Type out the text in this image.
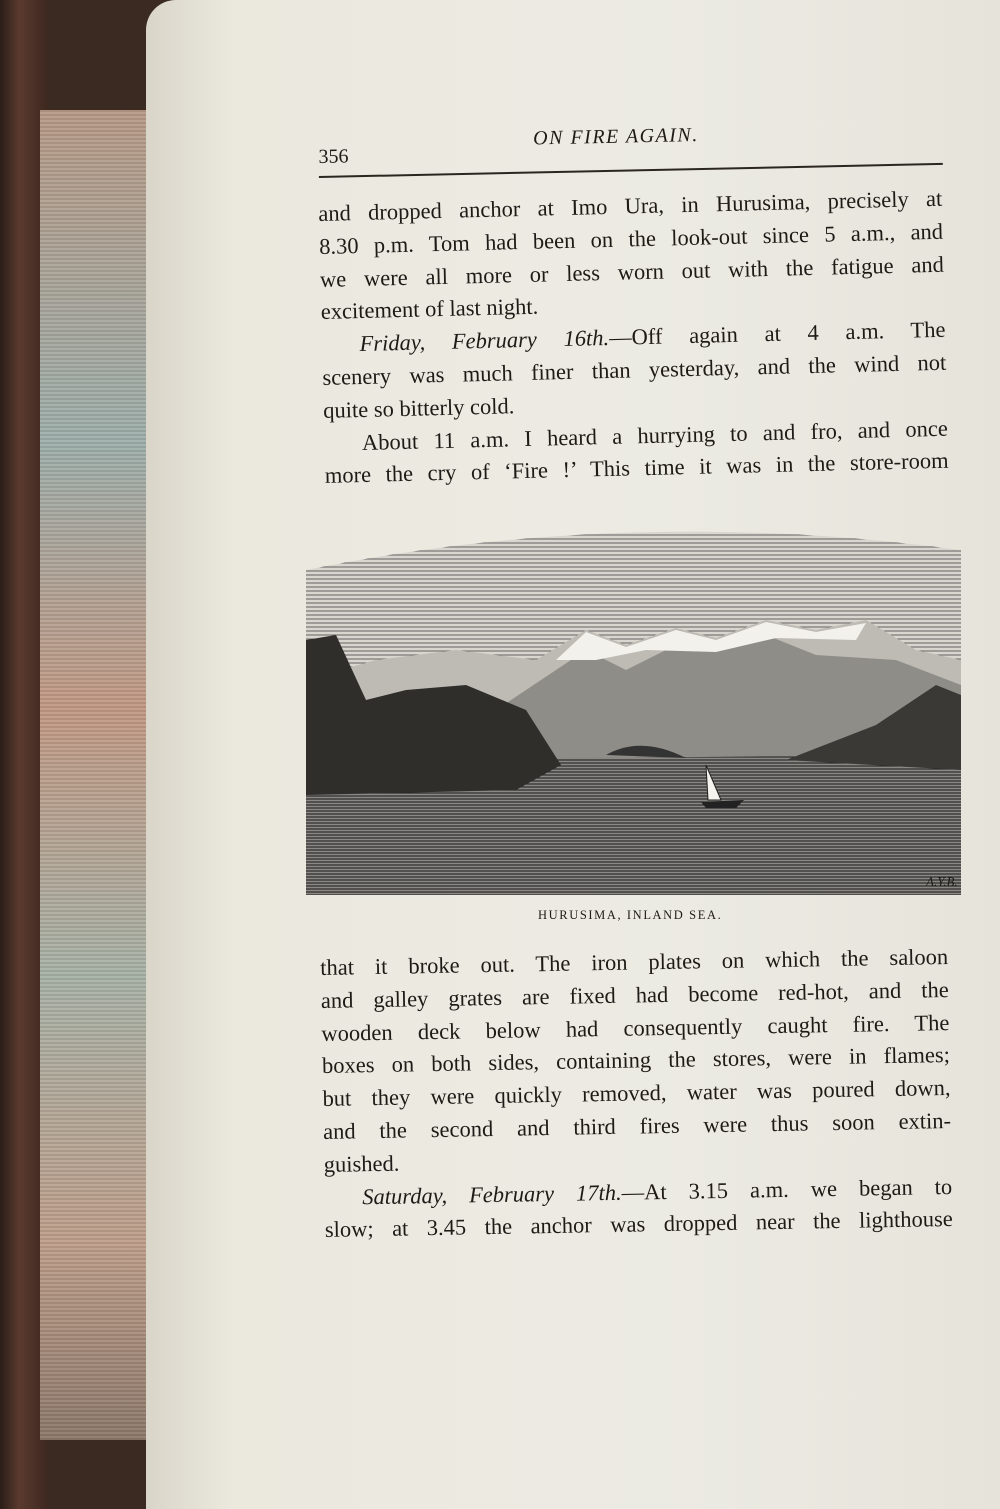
356
ON FIRE AGAIN.
and dropped anchor at Imo Ura, in Hurusima, precisely at
8.30 p.m. Tom had been on the look-out since 5 a.m., and
we were all more or less worn out with the fatigue and
excitement of last night.
Friday, February 16th.—Off again at 4 a.m. The
scenery was much finer than yesterday, and the wind not
quite so bitterly cold.
About 11 a.m. I heard a hurrying to and fro, and once
more the cry of ‘Fire !’ This time it was in the store-room
A.Y.B.
HURUSIMA, INLAND SEA.
that it broke out. The iron plates on which the saloon
and galley grates are fixed had become red-hot, and the
wooden deck below had consequently caught fire. The
boxes on both sides, containing the stores, were in flames;
but they were quickly removed, water was poured down,
and the second and third fires were thus soon extin-
guished.
Saturday, February 17th.—At 3.15 a.m. we began to
slow; at 3.45 the anchor was dropped near the lighthouse
